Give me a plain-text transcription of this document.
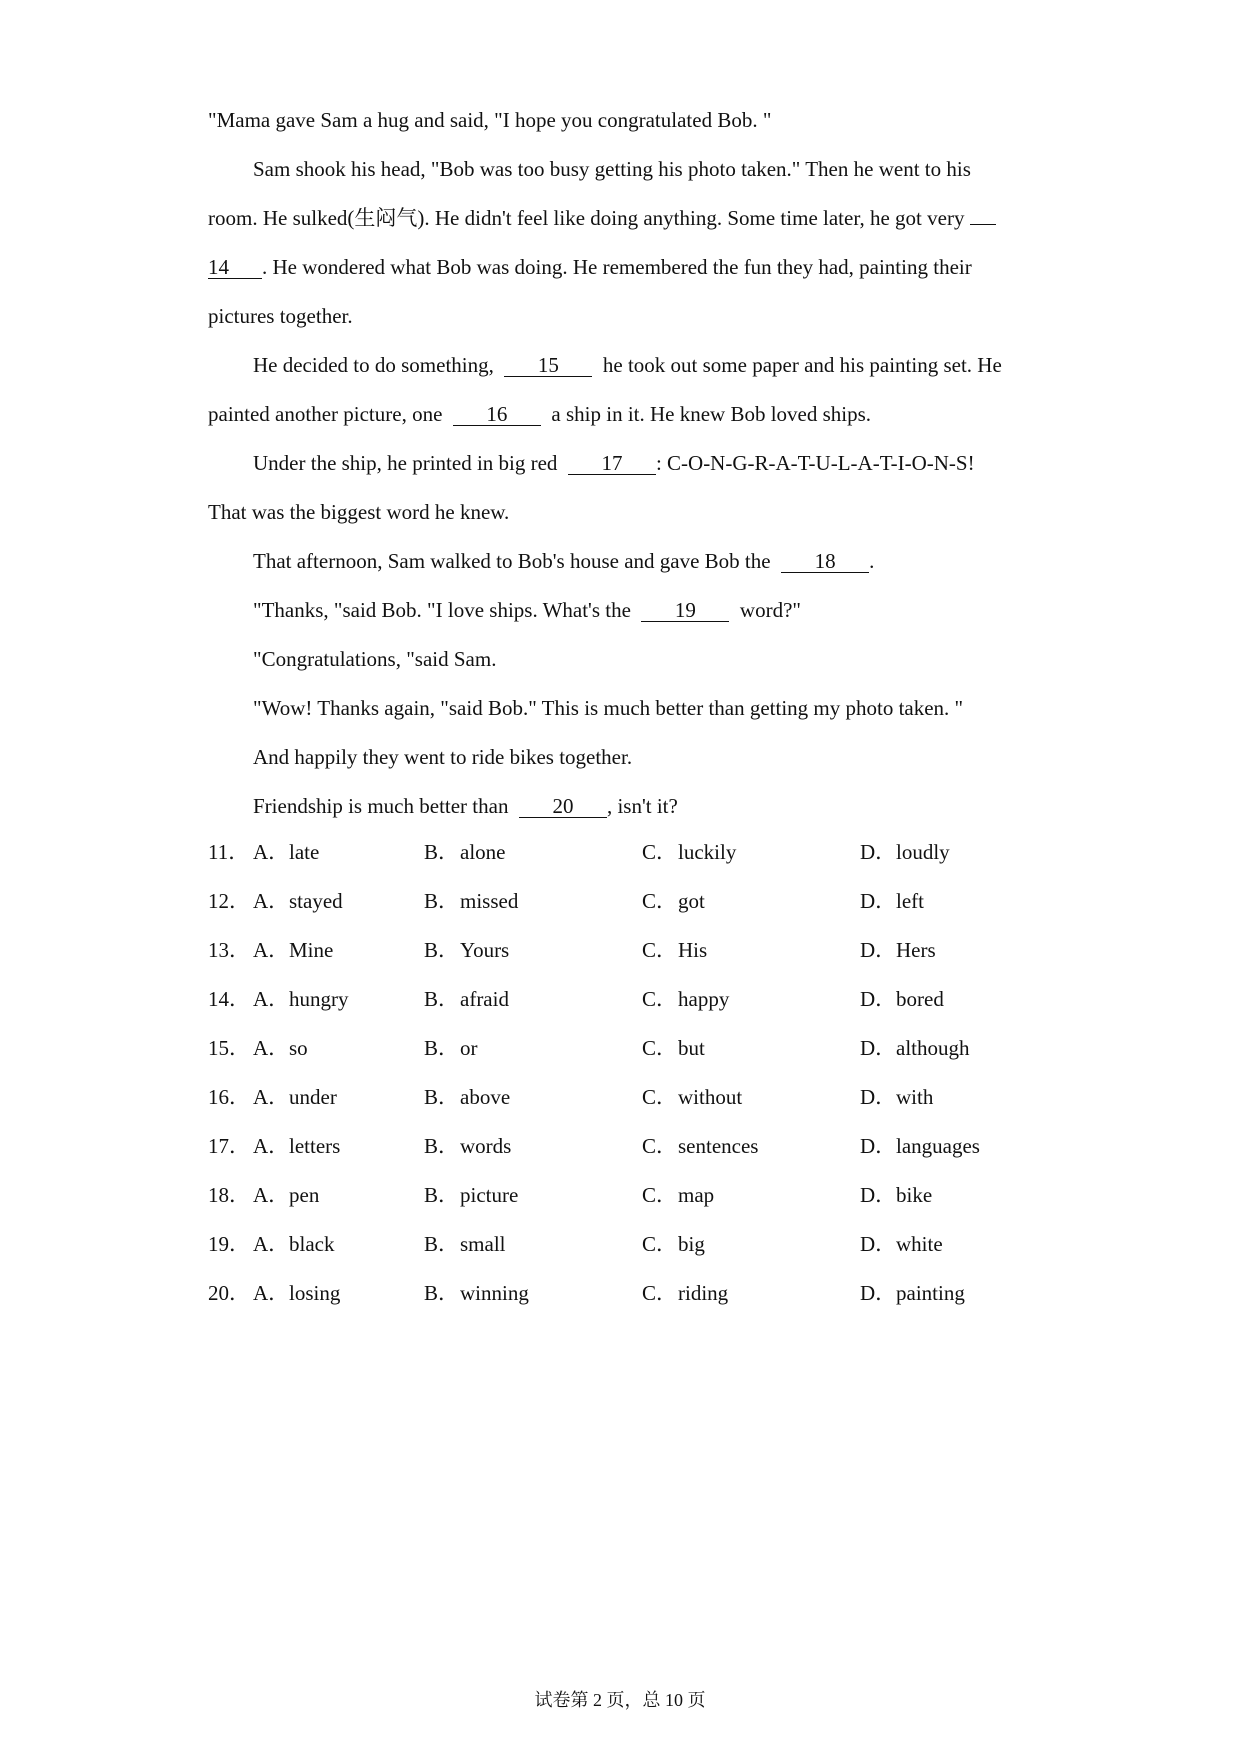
"Mama gave Sam a hug and said, "I hope you congratulated Bob. "
Sam shook his head, "Bob was too busy getting his photo taken." Then he went to his
room. He sulked(生闷气). He didn't feel like doing anything. Some time later, he got very
14 . He wondered what Bob was doing. He remembered the fun they had, painting their
pictures together.
He decided to do something, 15 he took out some paper and his painting set. He
painted another picture, one 16 a ship in it. He knew Bob loved ships.
Under the ship, he printed in big red 17 : C-O-N-G-R-A-T-U-L-A-T-I-O-N-S!
That was the biggest word he knew.
That afternoon, Sam walked to Bob's house and gave Bob the 18 .
"Thanks, "said Bob. "I love ships. What's the 19 word?"
"Congratulations, "said Sam.
"Wow! Thanks again, "said Bob." This is much better than getting my photo taken. "
And happily they went to ride bikes together.
Friendship is much better than 20 , isn't it?
11． A．late	B．alone	C．luckily	D．loudly
12． A．stayed	B．missed	C．got	D．left
13． A．Mine	B．Yours	C．His	D．Hers
14． A．hungry	B．afraid	C．happy	D．bored
15． A．so	B．or	C．but	D．although
16． A．under	B．above	C．without	D．with
17． A．letters	B．words	C．sentences	D．languages
18． A．pen	B．picture	C．map	D．bike
19． A．black	B．small	C．big	D．white
20． A．losing	B．winning	C．riding	D．painting
试卷第 2 页，总 10 页
